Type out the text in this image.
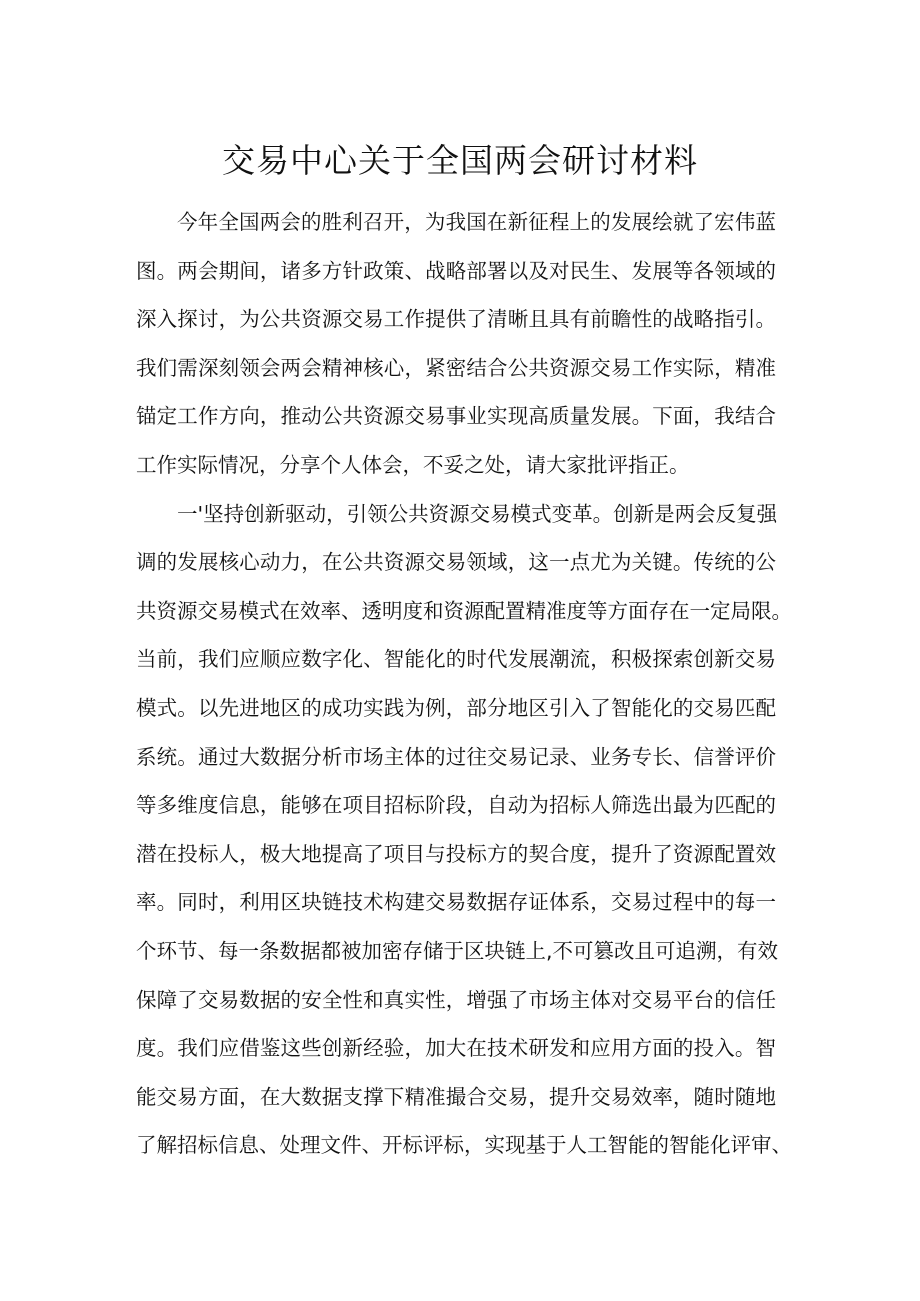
交易中心关于全国两会研讨材料
今年全国两会的胜利召开，为我国在新征程上的发展绘就了宏伟蓝
图。两会期间，诸多方针政策、战略部署以及对民生、发展等各领域的
深入探讨，为公共资源交易工作提供了清晰且具有前瞻性的战略指引。
我们需深刻领会两会精神核心，紧密结合公共资源交易工作实际，精准
锚定工作方向，推动公共资源交易事业实现高质量发展。下面，我结合
工作实际情况，分享个人体会，不妥之处，请大家批评指正。
一'坚持创新驱动，引领公共资源交易模式变革。创新是两会反复强
调的发展核心动力，在公共资源交易领域，这一点尤为关键。传统的公
共资源交易模式在效率、透明度和资源配置精准度等方面存在一定局限。
当前，我们应顺应数字化、智能化的时代发展潮流，积极探索创新交易
模式。以先进地区的成功实践为例，部分地区引入了智能化的交易匹配
系统。通过大数据分析市场主体的过往交易记录、业务专长、信誉评价
等多维度信息，能够在项目招标阶段，自动为招标人筛选出最为匹配的
潜在投标人，极大地提高了项目与投标方的契合度，提升了资源配置效
率。同时，利用区块链技术构建交易数据存证体系，交易过程中的每一
个环节、每一条数据都被加密存储于区块链上,不可篡改且可追溯，有效
保障了交易数据的安全性和真实性，增强了市场主体对交易平台的信任
度。我们应借鉴这些创新经验，加大在技术研发和应用方面的投入。智
能交易方面，在大数据支撑下精准撮合交易，提升交易效率，随时随地
了解招标信息、处理文件、开标评标，实现基于人工智能的智能化评审、
